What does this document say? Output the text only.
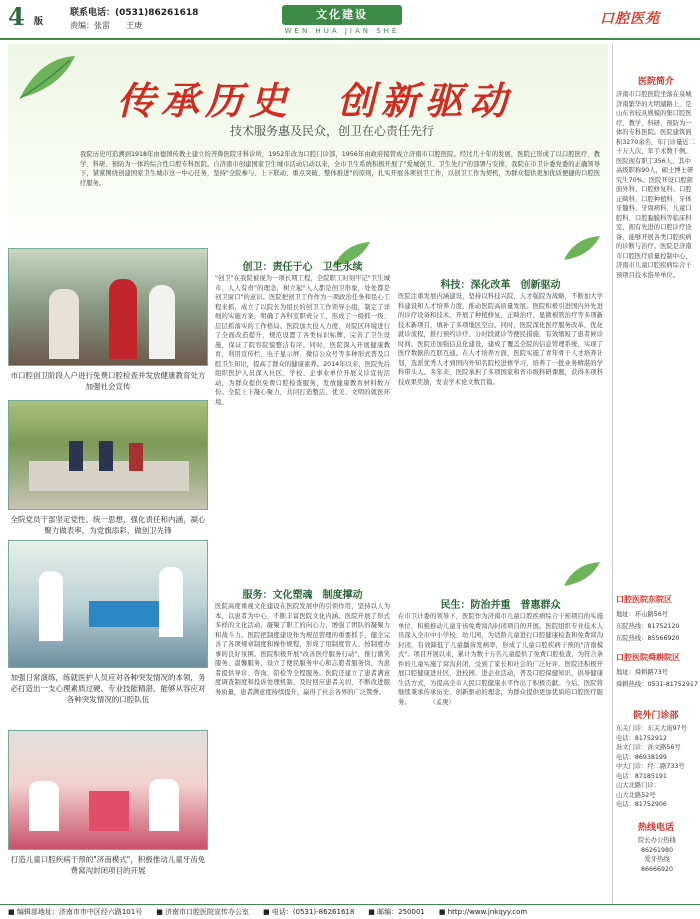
4 版
联系电话：(0531)86261618
责编：张雷　　王庚
文化建设
WEN HUA JIAN SHE
口腔医苑
传承历史　创新驱动
技术服务惠及民众，创卫在心责任先行
我院历史可追溯到1918年由德国传教士建立的齐鲁医院牙科诊所，1952年改为口腔门诊部，1956年由政府接管成立济南市口腔医院。经过几十年的发展，医院已形成了以口腔医疗、教学、科研、预防为一体的综合性口腔专科医院。自济南市创建国家卫生城市活动启动以来，全市卫生系统积极开展了"爱城创卫、卫生先行"的部署与安排，我院在市卫计委党委的正确领导下，紧紧围绕创建国家卫生城市这一中心任务，坚持"全院参与、上下联动、重点突破、整体推进"的原则，扎实开展各项创卫工作，以创卫工作为契机，为群众提供更加优质便捷的口腔医疗服务。
市口腔创卫阶段入户进行免费口腔检查并发放健康教育处方加强社会宣传
全院党员干部坚定党性、统一思想，强化责任和内涵，凝心聚力做表率，为党旗添彩、做创卫先锋
加强日常演练，练就医护人员应对各种突发情况的本领，务必打造出一支心理素质过硬、专业技能精湛、能够从容应对各种突发情况的口腔队伍
打造儿童口腔疾病干预的"济南模式"，积极推动儿童牙齿免费窝沟封闭项目的开展
创卫：责任于心　卫生永续
"创卫"在我院被视为一项长期工程，全院职工时刻牢记"卫生城市、人人有责"的理念，树立起"人人都是创卫形象，处处都是创卫窗口"的意识。医院把创卫工作作为一项政治任务和民心工程来抓，成立了以院长为组长的创卫工作领导小组，制定了详细的实施方案，明确了各科室职责分工，形成了一级抓一级、层层抓落实的工作格局。医院加大投入力度，对院区环境进行了全面改造提升，规范设置了各类标识标牌，完善了卫生设施，保证了院容院貌整洁有序。同时，医院深入开展健康教育，利用宣传栏、电子显示屏、微信公众号等多种形式普及口腔卫生知识，提高了群众的健康素养。2014年以来，医院先后组织医护人员深入社区、学校、企事业单位开展义诊宣传活动，为群众提供免费口腔检查服务，发放健康教育材料数万份。全院上下凝心聚力，共同打造整洁、优美、文明的就医环境。
服务：文化塑魂　制度撑动
医院高度重视文化建设在医院发展中的引领作用，坚持以人为本，以患者为中心，不断丰富医院文化内涵。医院开展了形式多样的文化活动，凝聚了职工的向心力，增强了团队的凝聚力和战斗力。医院把制度建设作为规范管理的重要抓手，健全完善了各项规章制度和操作规程，形成了用制度管人、按制度办事的良好氛围。医院积极开展"改善医疗服务行动"，推行微笑服务、温馨服务，设立了便民服务中心和志愿者服务岗，为患者提供导诊、咨询、陪检等全程服务。医院还建立了患者满意度调查制度和投诉处理机制，及时回应患者关切，不断改进服务质量，患者满意度持续提升，赢得了社会各界的广泛赞誉。
科技：深化改革　创新驱动
医院注重发展内涵建设，坚持以科技兴院、人才强院为战略，不断加大学科建设和人才培养力度，推动医院高质量发展。医院积极引进国内外先进的诊疗设备和技术，开展了种植修复、正畸治疗、显微根管治疗等多项新技术新项目，填补了多项地区空白。同时，医院深化医疗服务改革，优化就诊流程，推行预约诊疗、分时段就诊等便民措施，有效缩短了患者候诊时间。医院还加强信息化建设，建成了覆盖全院的信息管理系统，实现了医疗数据的互联互通。在人才培养方面，医院实施了青年骨干人才培养计划，选派优秀人才到国内外知名院校进修学习，培养了一批业务精湛的学科带头人。多年来，医院承担了多项国家和省市级科研课题，获得多项科技成果奖励，发表学术论文数百篇。
民生：防治并重　普惠群众
在市卫计委的领导下，医院作为济南市儿童口腔疾病综合干预项目的实施单位，积极推动儿童牙齿免费窝沟封闭项目的开展。医院组织专业技术人员深入全市中小学校、幼儿园，为适龄儿童进行口腔健康检查和免费窝沟封闭，有效降低了儿童龋齿发病率，形成了儿童口腔疾病干预的"济南模式"。项目开展以来，累计为数十万名儿童提供了免费口腔检查，为符合条件的儿童实施了窝沟封闭，受到了家长和社会的广泛好评。医院还积极开展口腔健康进社区、进校园、进企业活动，普及口腔保健知识，倡导健康生活方式，为提高全市人民口腔健康水平作出了积极贡献。今后，医院将继续秉承传承历史、创新驱动的理念，为群众提供更加优质的口腔医疗服务。　　　　（孟庚）
医院简介
济南市口腔医院坐落在泉城济南繁华的大明湖路上，是山东省较具规模的集口腔医疗、教学、科研、预防为一体的专科医院。医院建筑面积3270余名，年门诊量近二十万人次，年手术数千例。医院现有职工356人，其中高级职称90人，硕士博士研究生70%。医院开设口腔颌面外科、口腔修复科、口腔正畸科、口腔种植科、牙体牙髓科、牙周病科、儿童口腔科、口腔黏膜科等临床科室，拥有先进的口腔诊疗设备，能够开展各类口腔疾病的诊断与治疗。医院是济南市口腔医疗质量控制中心、济南市儿童口腔疾病综合干预项目技术指导单位。
口腔医院东院区
地址：环山路56号
东院热线：81752120
东院热线：85566920
口腔医院舜耕院区
地址：舜耕路73号
舜耕热线：0531-81752917
院外门诊部
东关门诊：东关大街97号
电话：81752912
泺文门诊：泺文路56号
电话：86938199
中大门诊：经二路733号
电话：87185191
山大北路门诊：
山大北路52号
电话：81752906
热线电话
院长办公热线
86261980
爱牙热线
86666920
■ 编辑部地址：济南市市中区经六路101号　　■ 济南市口腔医院宣传办公室　　■ 电话：(0531)-86261618　　■ 邮编：250001　　■ http://www.jnkqyy.com
